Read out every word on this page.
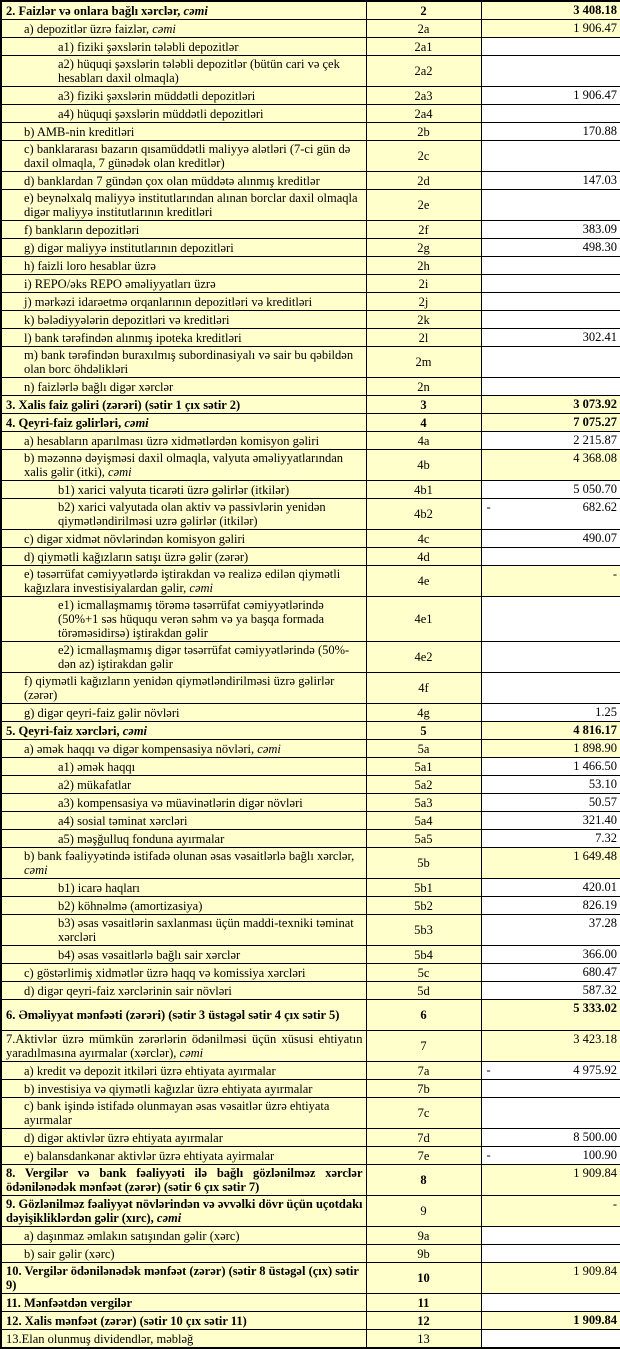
2. Faizlər və onlara bağlı xərclər, cəmi	2	3 408.18

a) depozitlər üzrə faizlər, cəmi	2a	1 906.47

a1) fiziki şəxslərin tələbli depozitlər	2a1	

a2) hüquqi şəxslərin tələbli depozitlər (bütün cari və çek hesabları daxil olmaqla)	2a2	

a3) fiziki şəxslərin müddətli depozitləri	2a3	1 906.47

a4) hüquqi şəxslərin müddətli depozitləri	2a4	

b) AMB-nin kreditləri	2b	170.88

c) banklararası bazarın qısamüddətli maliyyə alətləri (7-ci gün də daxil olmaqla, 7 günədək olan kreditlər)	2c	

d) banklardan 7 gündən çox olan müddətə alınmış kreditlər	2d	147.03

e) beynəlxalq maliyyə institutlarından alınan borclar daxil olmaqla digər maliyyə institutlarının kreditləri	2e	

f) bankların depozitləri	2f	383.09

g) digər maliyyə institutlarının depozitləri	2g	498.30

h) faizli loro hesablar üzrə	2h	

i) REPO/əks REPO əməliyyatları üzrə	2i	

j) mərkəzi idarəetmə orqanlarının depozitləri və kreditləri	2j	

k) bələdiyyələrin depozitləri və kreditləri	2k	

l) bank tərəfindən alınmış ipoteka kreditləri	2l	302.41

m) bank tərəfindən buraxılmış subordinasiyalı və sair bu qəbildən olan borc öhdəlikləri	2m	

n) faizlərlə bağlı digər xərclər	2n	

3. Xalis faiz gəliri (zərəri) (sətir 1 çıx sətir 2)	3	3 073.92

4. Qeyri-faiz gəlirləri, cəmi	4	7 075.27

a) hesabların aparılması üzrə xidmətlərdən komisyon gəliri	4a	2 215.87

b) məzənnə dəyişməsi daxil olmaqla, valyuta əməliyyatlarından xalis gəlir (itki), cəmi	4b	4 368.08

b1) xarici valyuta ticarəti üzrə gəlirlər (itkilər)	4b1	5 050.70

b2) xarici valyutada olan aktiv və passivlərin yenidən qiymətləndirilməsi uzrə gəlirlər (itkilər)	4b2	- 682.62

c) digər xidmət növlərindən komisyon gəliri	4c	490.07

d) qiymətli kağızların satışı üzrə gəlir (zərər)	4d	

e) təsərrüfat cəmiyyətlərdə iştirakdan və realizə edilən qiymətli kağızlara investisiyalardan gəlir, cəmi	4e	-

e1) icmallaşmamış törəmə təsərrüfat cəmiyyətlərində (50%+1 səs hüququ verən səhm və ya başqa formada törəməsidirsə) iştirakdan gəlir	4e1	

e2) icmallaşmamış digər təsərrüfat cəmiyyətlərində (50%-dən az) iştirakdan gəlir	4e2	

f) qiymətli kağızların yenidən qiymətləndirilməsi üzrə gəlirlər (zərər)	4f	

g) digər qeyri-faiz gəlir növləri	4g	1.25

5. Qeyri-faiz xərcləri, cəmi	5	4 816.17

a) əmək haqqı və digər kompensasiya növləri, cəmi	5a	1 898.90

a1) əmək haqqı	5a1	1 466.50

a2) mükafatlar	5a2	53.10

a3) kompensasiya və müavinətlərin digər növləri	5a3	50.57

a4) sosial təminat xərcləri	5a4	321.40

a5) məşğulluq fonduna ayırmalar	5a5	7.32

b) bank fəaliyyətində istifadə olunan əsas vəsaitlərlə bağlı xərclər, cəmi	5b	1 649.48

b1) icarə haqları	5b1	420.01

b2) köhnəlmə (amortizasiya)	5b2	826.19

b3) əsas vəsaitlərin saxlanması üçün maddi-texniki təminat xərcləri	5b3	37.28

b4) əsas vəsaitlərlə bağlı sair xərclər	5b4	366.00

c) göstərlimiş xidmətlər üzrə haqq və komissiya xərcləri	5c	680.47

d) digər qeyri-faiz xərclərinin sair növləri	5d	587.32

6. Əməliyyat mənfəəti (zərəri) (sətir 3 üstəgəl sətir 4 çıx sətir 5)	6	5 333.02

7.Aktivlər üzrə mümkün zərərlərin ödənilməsi üçün xüsusi ehtiyatın yaradılmasına ayırmalar (xərclər), cəmi	7	3 423.18

a) kredit və depozit itkiləri üzrə ehtiyata ayırmalar	7a	- 4 975.92

b) investisiya və qiymətli kağızlar üzrə ehtiyata ayırmalar	7b	

c) bank işində istifadə olunmayan əsas vəsaitlər üzrə ehtiyata ayırmalar	7c	

d) digər aktivlər üzrə ehtiyata ayırmalar	7d	8 500.00

e) balansdankənar aktivlər üzrə ehtiyata ayirmalar	7e	- 100.90

8. Vergilər və bank fəaliyyəti ilə bağlı gözlənilməz xərclər ödənilənədək mənfəət (zərər) (sətir 6 çıx sətir 7)	8	1 909.84

9. Gözlənilməz fəaliyyət növlərindən və əvvəlki dövr üçün uçotdakı dəyişikliklərdən gəlir (xırc), cəmi	9	-

a) daşınmaz əmlakın satışından gəlir (xərc)	9a	

b) sair gəlir (xərc)	9b	

10. Vergilər ödənilənədək mənfəət (zərər) (sətir 8 üstəgəl (çıx) sətir 9)	10	1 909.84

11. Mənfəətdən vergilər	11	

12. Xalis mənfəət (zərər) (sətir 10 çıx sətir 11)	12	1 909.84

13.Elan olunmuş dividendlər, məbləğ	13	
